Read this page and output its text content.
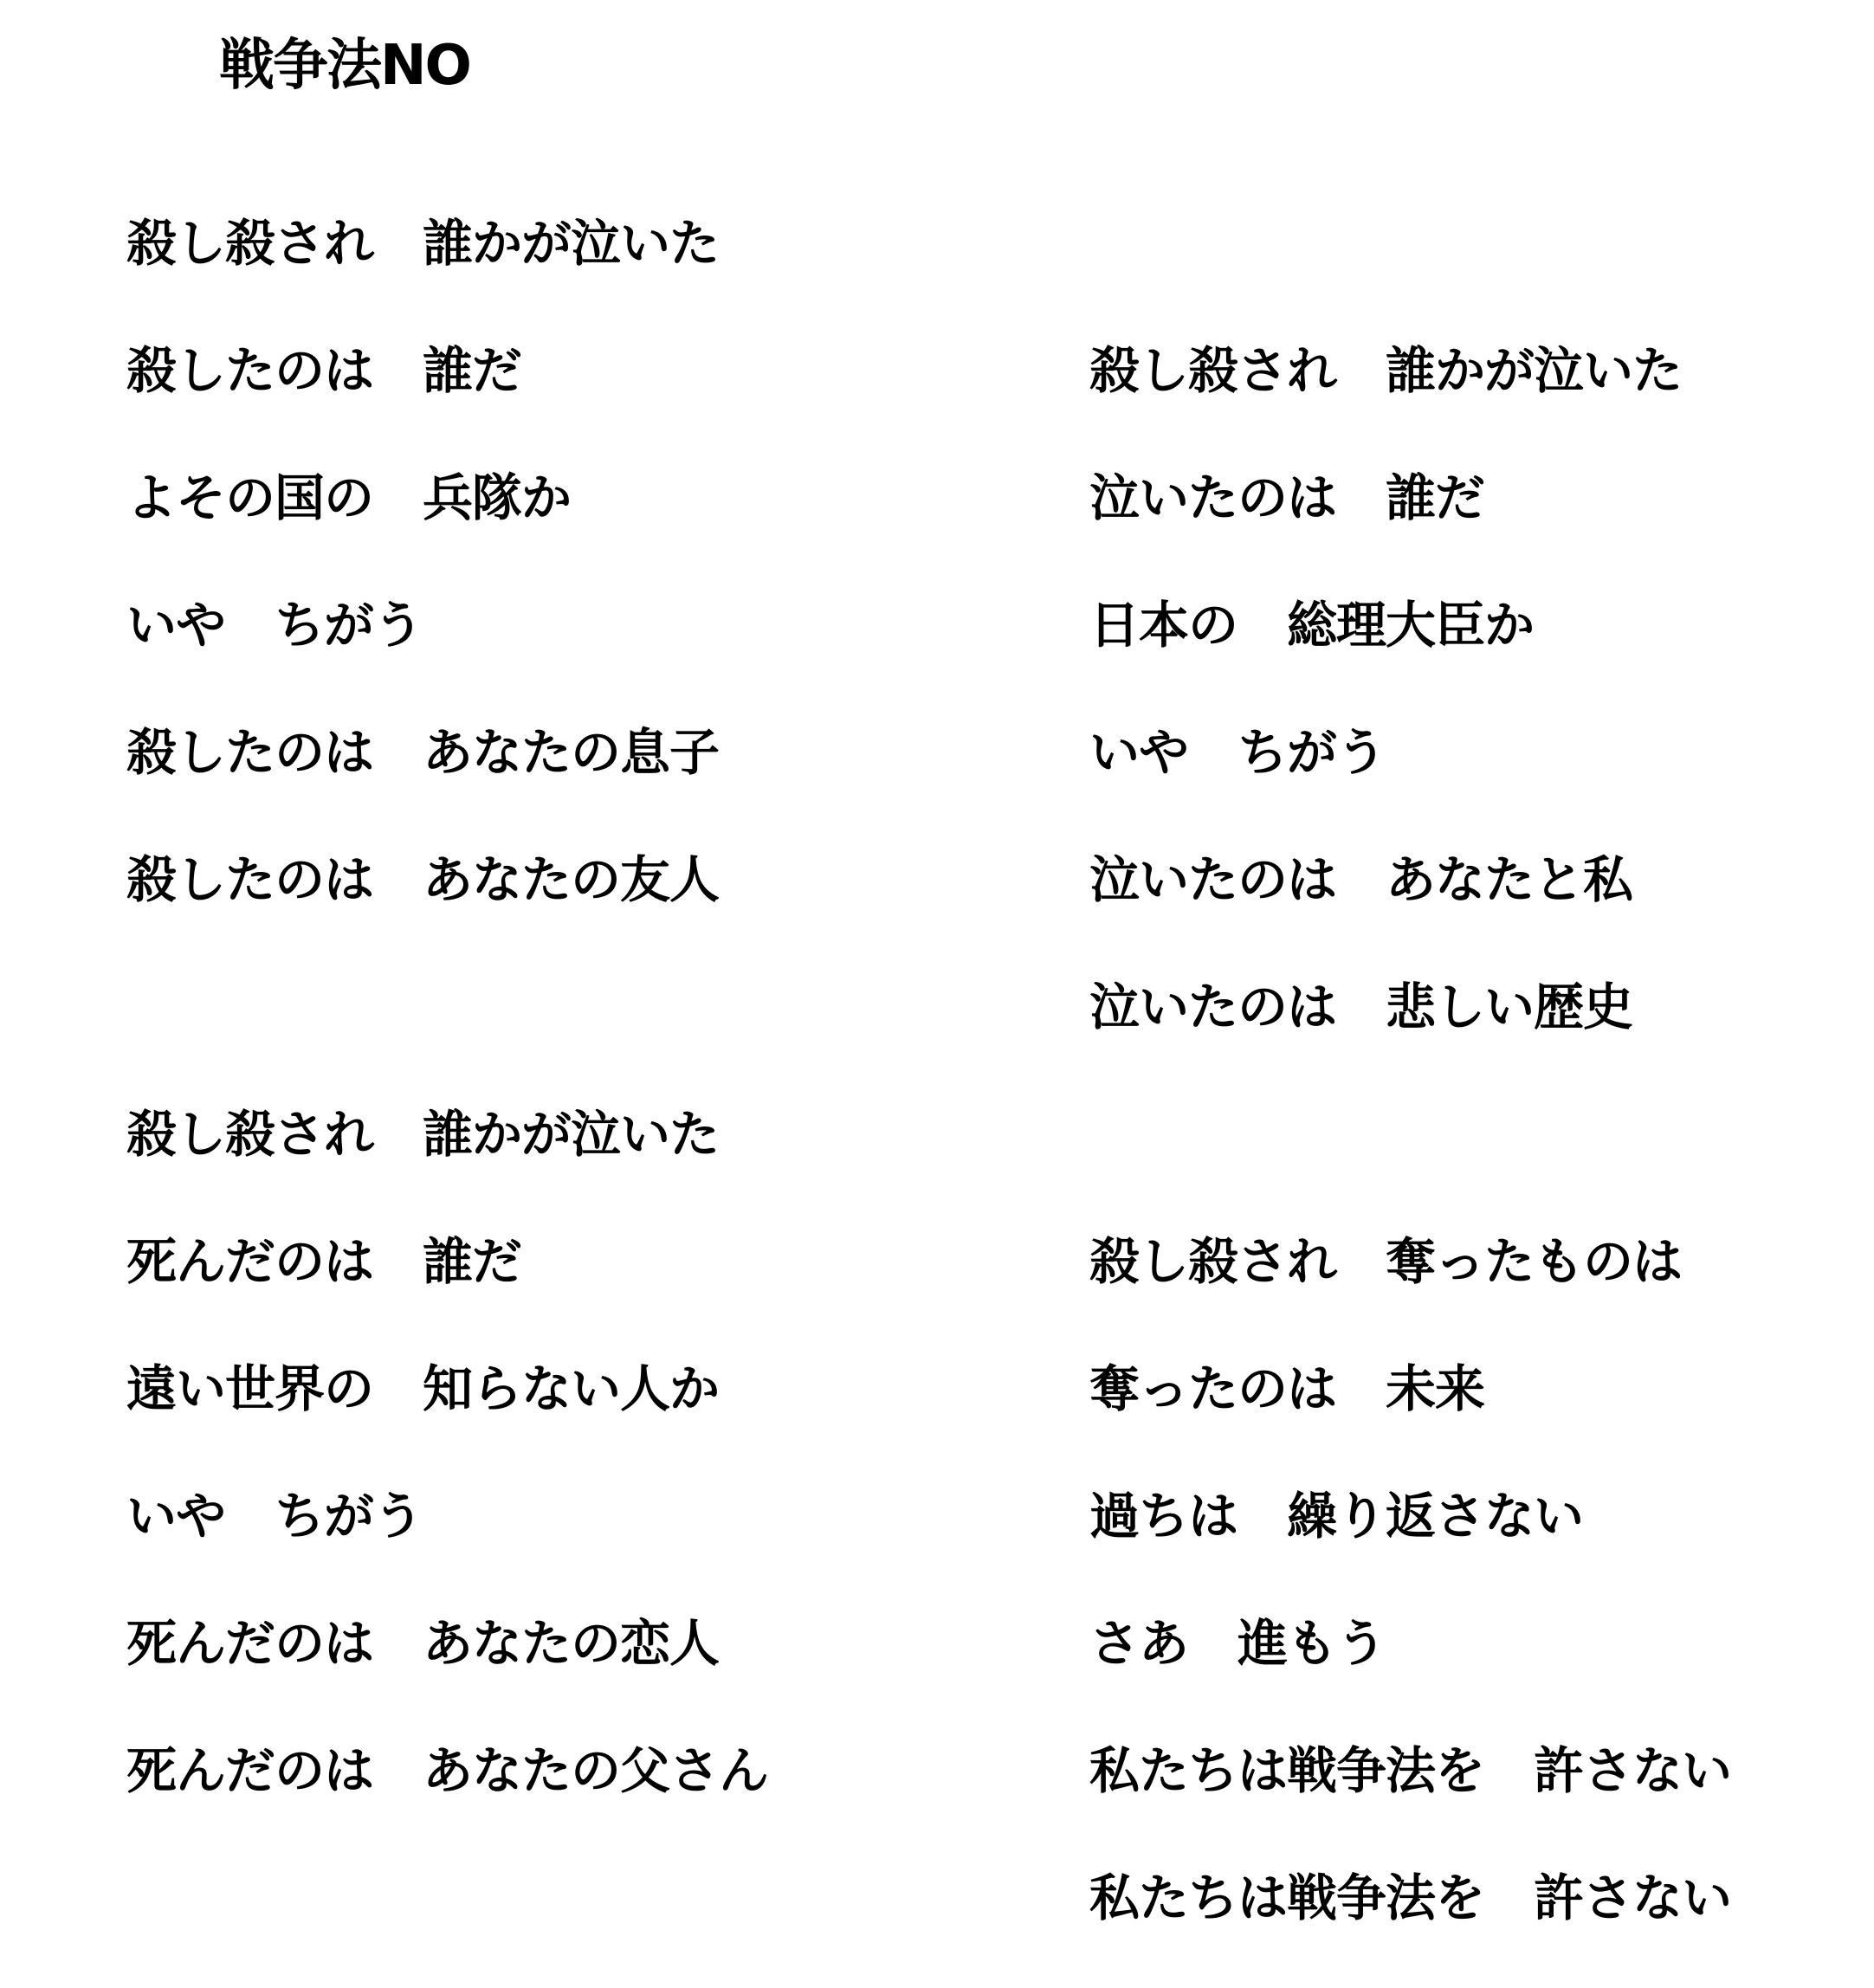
戦争法NO
殺し殺され　誰かが泣いた
殺したのは　誰だ
よその国の　兵隊か
いや　ちがう
殺したのは　あなたの息子
殺したのは　あなたの友人
殺し殺され　誰かが泣いた
死んだのは　誰だ
遠い世界の　知らない人か
いや　ちがう
死んだのは　あなたの恋人
死んだのは　あなたの父さん
殺し殺され　誰かが泣いた
泣いたのは　誰だ
日本の　総理大臣か
いや　ちがう
泣いたのは　あなたと私
泣いたのは　悲しい歴史
殺し殺され　奪ったものは
奪ったのは　未来
過ちは　繰り返さない
さあ　進もう
私たちは戦争法を　許さない
私たちは戦争法を　許さない
